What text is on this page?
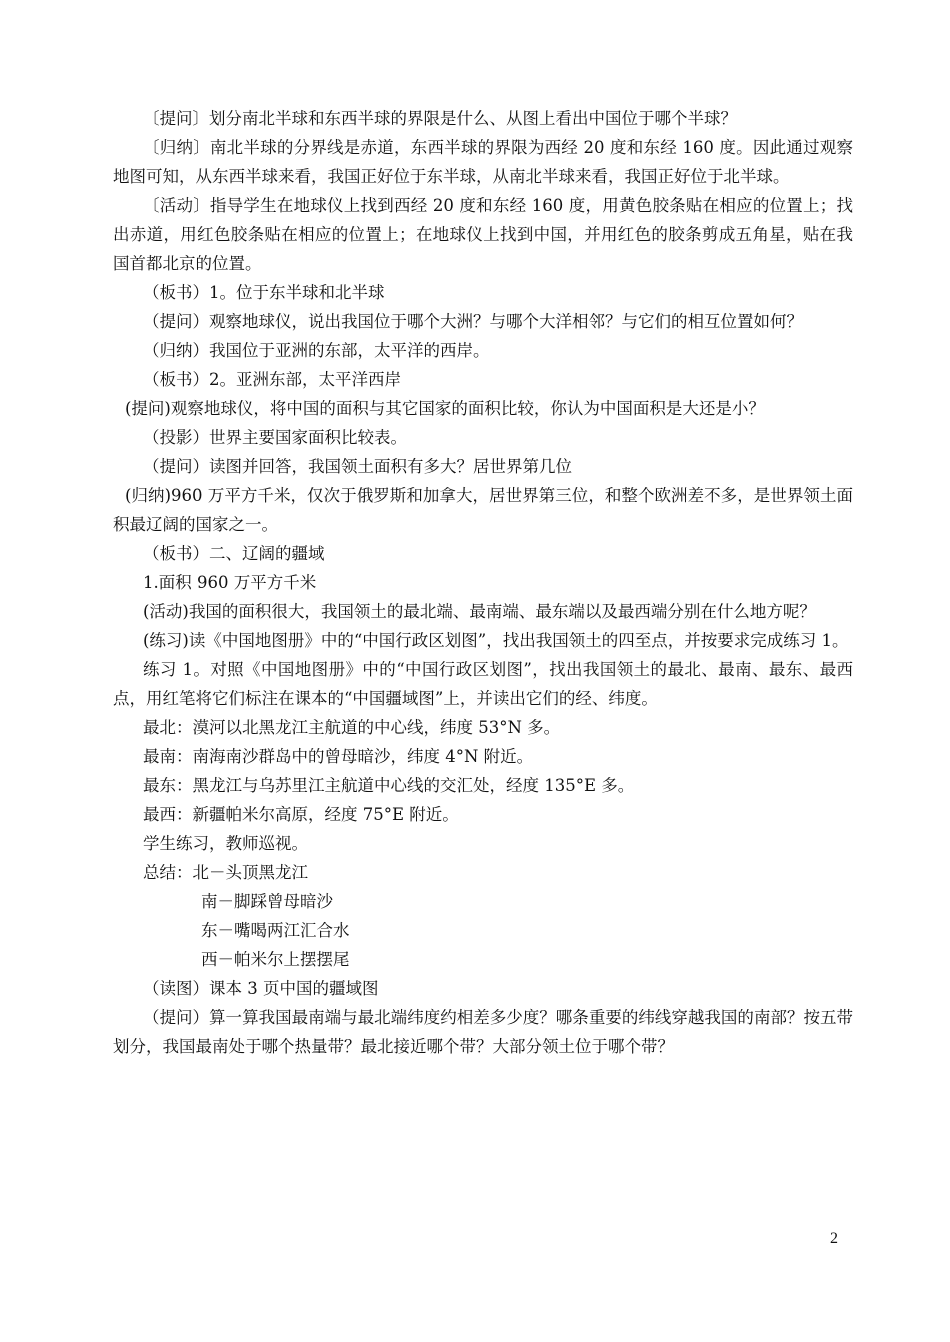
〔提问〕划分南北半球和东西半球的界限是什么、从图上看出中国位于哪个半球？

〔归纳〕南北半球的分界线是赤道，东西半球的界限为西经 20 度和东经 160 度。因此通过观察地图可知，从东西半球来看，我国正好位于东半球，从南北半球来看，我国正好位于北半球。

〔活动〕指导学生在地球仪上找到西经 20 度和东经 160 度，用黄色胶条贴在相应的位置上；找出赤道，用红色胶条贴在相应的位置上；在地球仪上找到中国，并用红色的胶条剪成五角星，贴在我国首都北京的位置。

（板书）1。位于东半球和北半球

（提问）观察地球仪，说出我国位于哪个大洲？与哪个大洋相邻？与它们的相互位置如何？

（归纳）我国位于亚洲的东部，太平洋的西岸。

（板书）2。亚洲东部，太平洋西岸

(提问)观察地球仪，将中国的面积与其它国家的面积比较，你认为中国面积是大还是小？

（投影）世界主要国家面积比较表。

（提问）读图并回答，我国领土面积有多大？居世界第几位

(归纳)960 万平方千米，仅次于俄罗斯和加拿大，居世界第三位，和整个欧洲差不多，是世界领土面积最辽阔的国家之一。

（板书）二、辽阔的疆域

1.面积 960 万平方千米

(活动)我国的面积很大，我国领土的最北端、最南端、最东端以及最西端分别在什么地方呢？

(练习)读《中国地图册》中的“中国行政区划图”，找出我国领土的四至点，并按要求完成练习 1。

练习 1。对照《中国地图册》中的“中国行政区划图”，找出我国领土的最北、最南、最东、最西点，用红笔将它们标注在课本的“中国疆域图”上，并读出它们的经、纬度。

最北：漠河以北黑龙江主航道的中心线，纬度 53°N 多。

最南：南海南沙群岛中的曾母暗沙，纬度 4°N 附近。

最东：黑龙江与乌苏里江主航道中心线的交汇处，经度 135°E 多。

最西：新疆帕米尔高原，经度 75°E 附近。

学生练习，教师巡视。

总结：北－头顶黑龙江

南－脚踩曾母暗沙

东－嘴喝两江汇合水

西－帕米尔上摆摆尾

（读图）课本 3 页中国的疆域图

（提问）算一算我国最南端与最北端纬度约相差多少度？哪条重要的纬线穿越我国的南部？按五带划分，我国最南处于哪个热量带？最北接近哪个带？大部分领土位于哪个带？

2
